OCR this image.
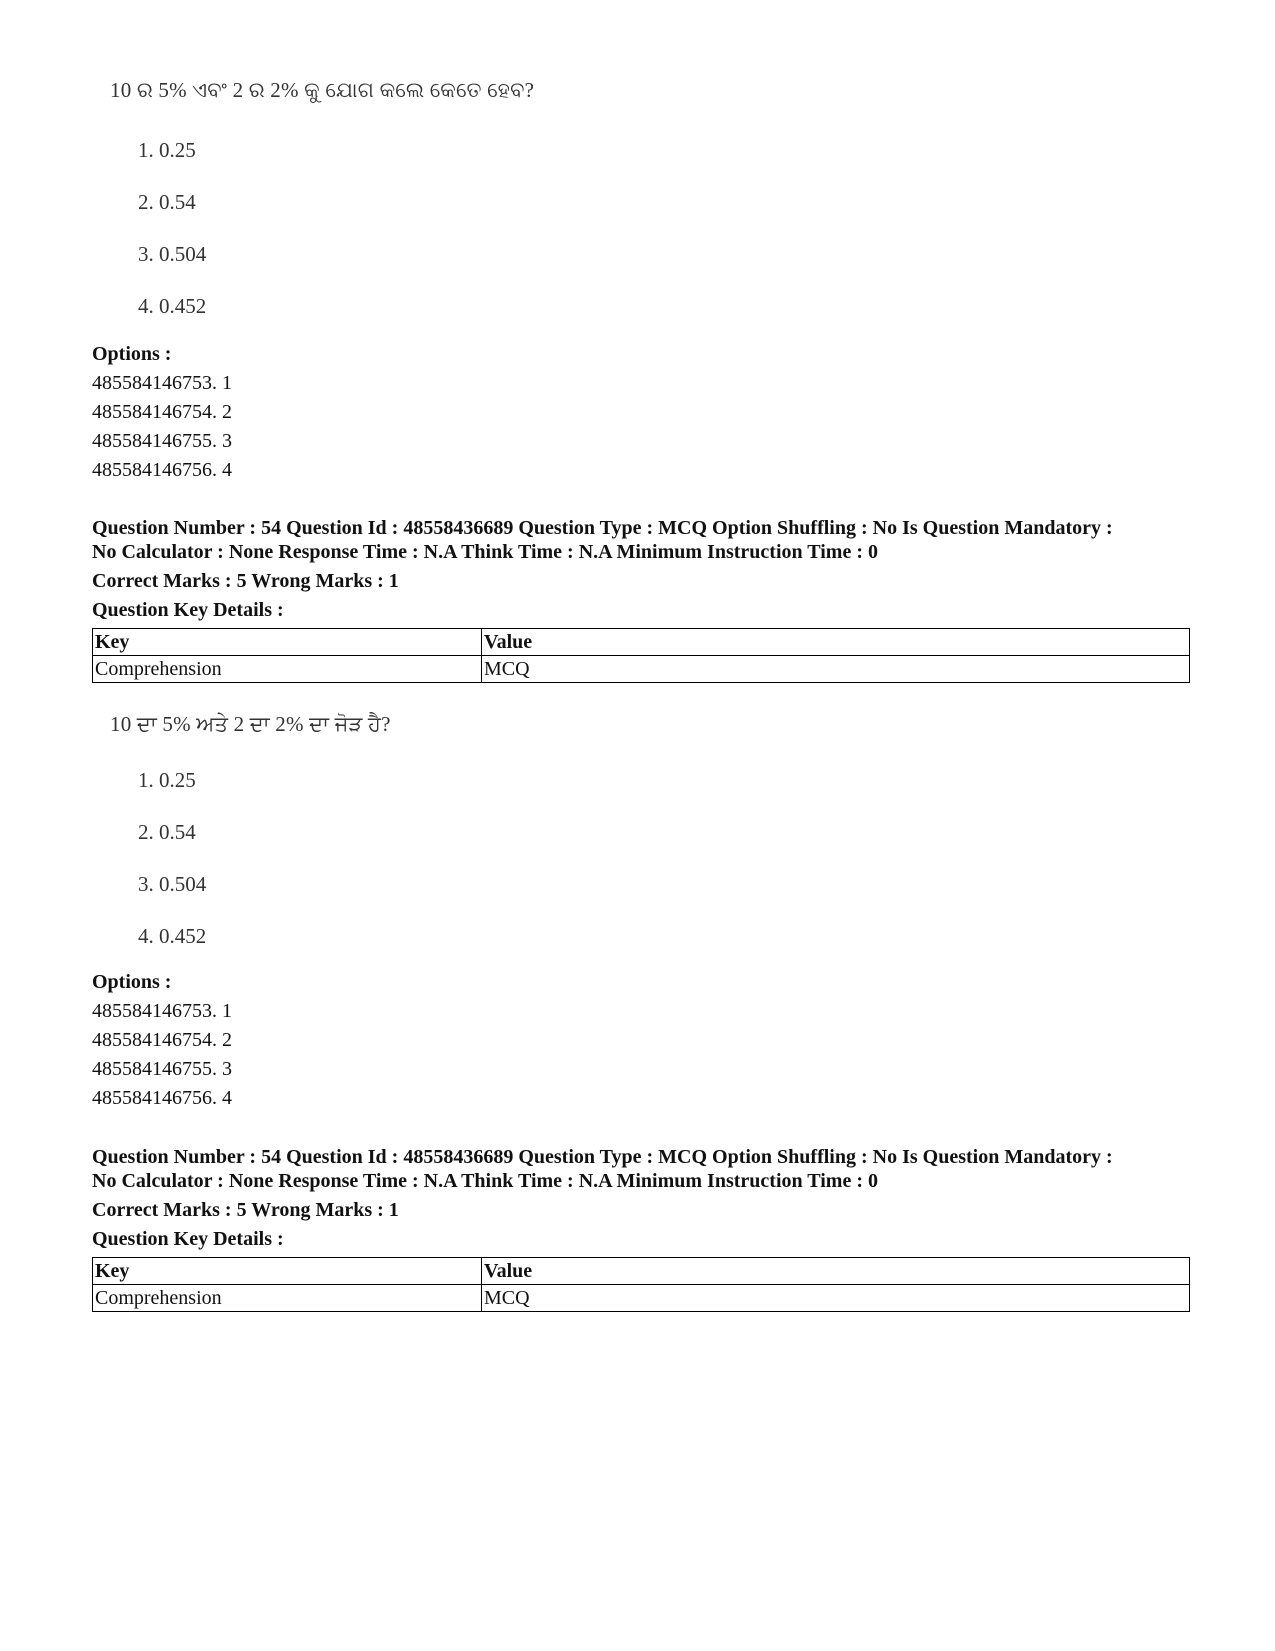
10 ର 5% ଏବଂ 2 ର 2% କୁ ଯୋଗ କଲେ କେତେ ହେବ?
1. 0.25
2. 0.54
3. 0.504
4. 0.452
Options :
485584146753. 1
485584146754. 2
485584146755. 3
485584146756. 4
Question Number : 54 Question Id : 48558436689 Question Type : MCQ Option Shuffling : No Is Question Mandatory :
No Calculator : None Response Time : N.A Think Time : N.A Minimum Instruction Time : 0
Correct Marks : 5 Wrong Marks : 1
Question Key Details :
Key	Value
Comprehension	MCQ
10 ਦਾ 5% ਅਤੇ 2 ਦਾ 2% ਦਾ ਜੋੜ ਹੈ?
1. 0.25
2. 0.54
3. 0.504
4. 0.452
Options :
485584146753. 1
485584146754. 2
485584146755. 3
485584146756. 4
Question Number : 54 Question Id : 48558436689 Question Type : MCQ Option Shuffling : No Is Question Mandatory :
No Calculator : None Response Time : N.A Think Time : N.A Minimum Instruction Time : 0
Correct Marks : 5 Wrong Marks : 1
Question Key Details :
Key	Value
Comprehension	MCQ
